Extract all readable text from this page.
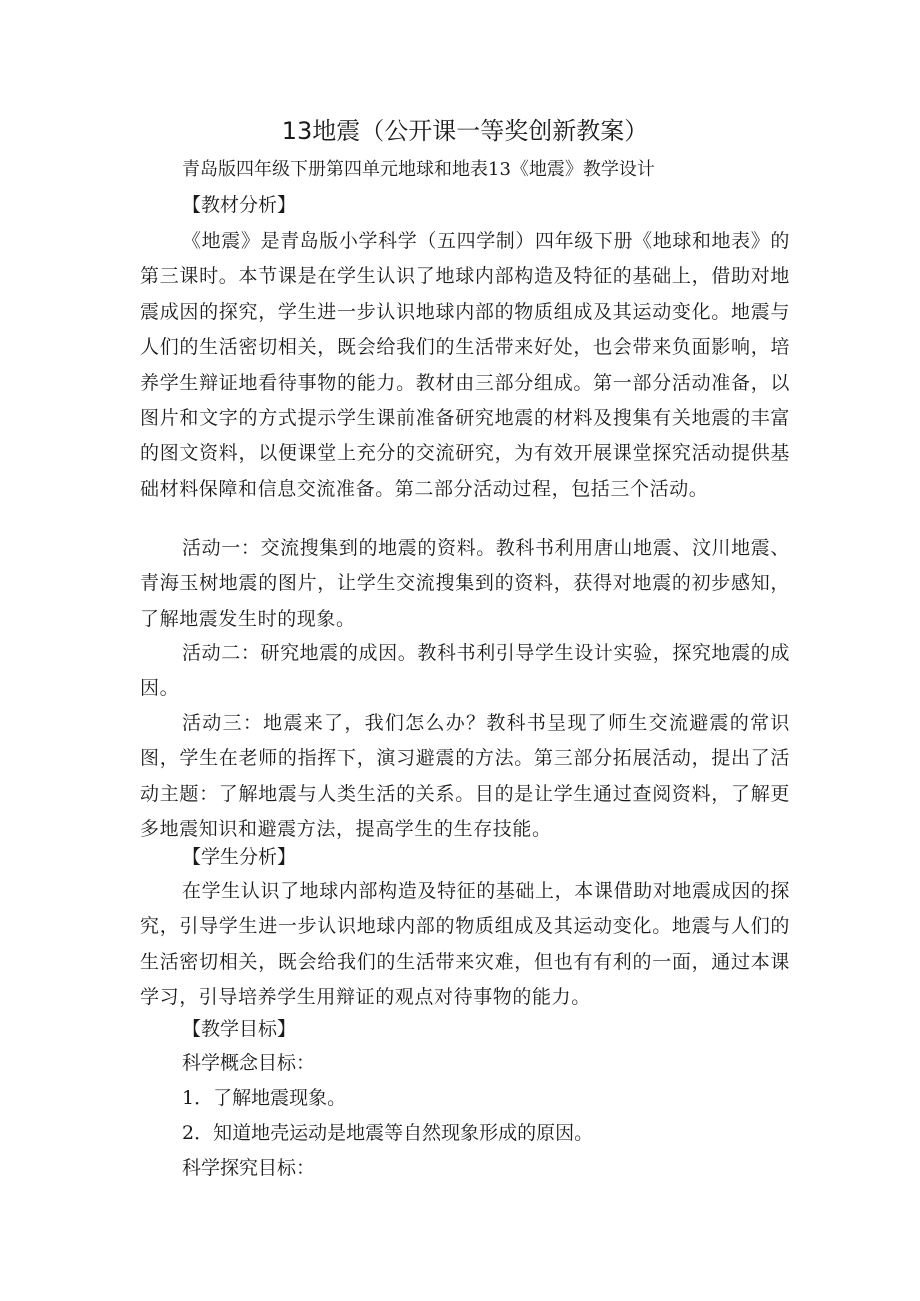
13地震（公开课一等奖创新教案）
青岛版四年级下册第四单元地球和地表13《地震》教学设计
【教材分析】

《地震》是青岛版小学科学（五四学制）四年级下册《地球和地表》的第三课时。本节课是在学生认识了地球内部构造及特征的基础上，借助对地震成因的探究，学生进一步认识地球内部的物质组成及其运动变化。地震与人们的生活密切相关，既会给我们的生活带来好处，也会带来负面影响，培养学生辩证地看待事物的能力。教材由三部分组成。第一部分活动准备，以图片和文字的方式提示学生课前准备研究地震的材料及搜集有关地震的丰富的图文资料，以便课堂上充分的交流研究，为有效开展课堂探究活动提供基础材料保障和信息交流准备。第二部分活动过程，包括三个活动。

活动一：交流搜集到的地震的资料。教科书利用唐山地震、汶川地震、青海玉树地震的图片，让学生交流搜集到的资料，获得对地震的初步感知，了解地震发生时的现象。

活动二：研究地震的成因。教科书利引导学生设计实验，探究地震的成因。

活动三：地震来了，我们怎么办？教科书呈现了师生交流避震的常识图，学生在老师的指挥下，演习避震的方法。第三部分拓展活动，提出了活动主题：了解地震与人类生活的关系。目的是让学生通过查阅资料，了解更多地震知识和避震方法，提高学生的生存技能。

【学生分析】

在学生认识了地球内部构造及特征的基础上，本课借助对地震成因的探究，引导学生进一步认识地球内部的物质组成及其运动变化。地震与人们的生活密切相关，既会给我们的生活带来灾难，但也有有利的一面，通过本课学习，引导培养学生用辩证的观点对待事物的能力。

【教学目标】
科学概念目标：
1．了解地震现象。
2．知道地壳运动是地震等自然现象形成的原因。
科学探究目标：
